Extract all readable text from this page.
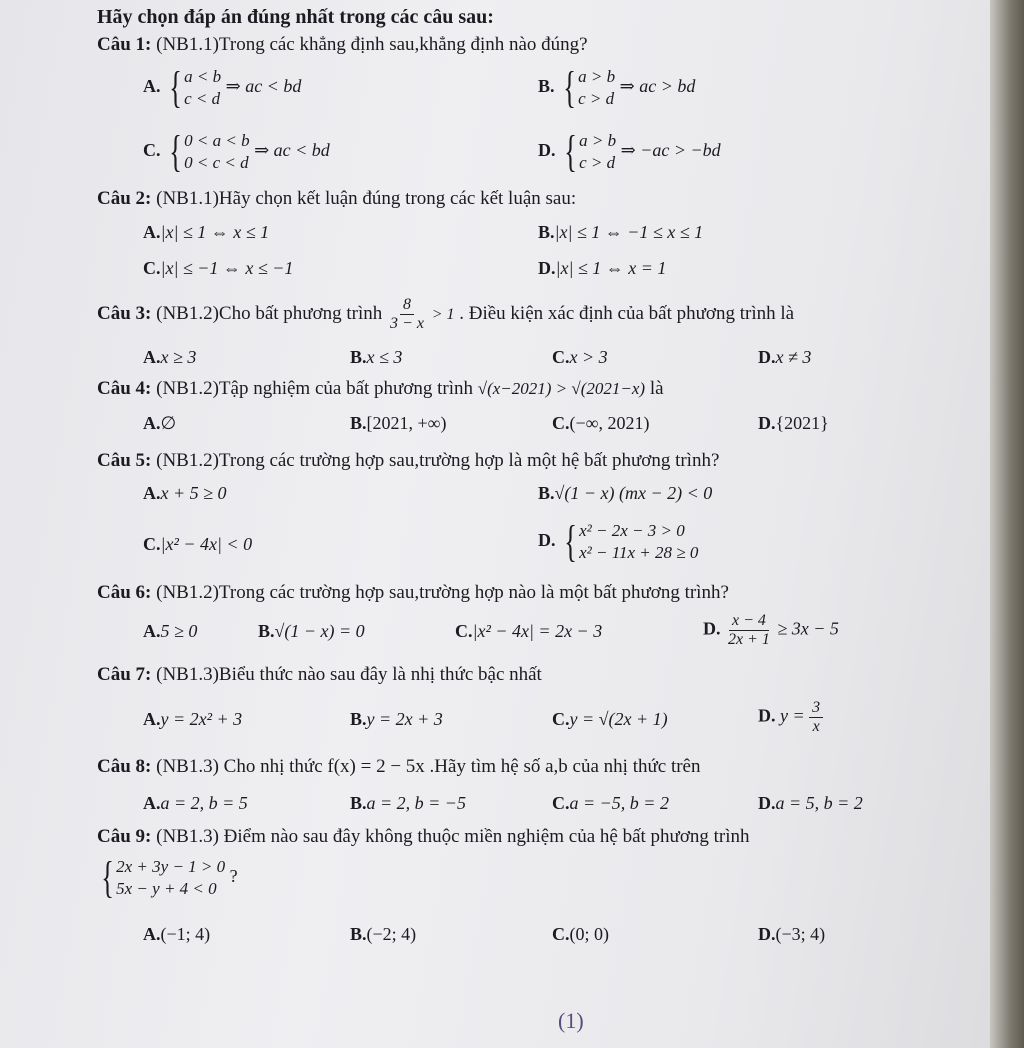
Hãy chọn đáp án đúng nhất trong các câu sau:
Câu 1: (NB1.1)Trong các khẳng định sau,khẳng định nào đúng?
A. { a < b
c < d
⇒ ac < bd	B. { a > b
c > d
⇒ ac > bd
C. { 0 < a < b
0 < c < d
⇒ ac < bd	D. { a > b
c > d
⇒ −ac > −bd
Câu 2: (NB1.1)Hãy chọn kết luận đúng trong các kết luận sau:
A.|x| ≤ 1 ⇔ x ≤ 1	B.|x| ≤ 1 ⇔ −1 ≤ x ≤ 1
C.|x| ≤ −1 ⇔ x ≤ −1	D.|x| ≤ 1 ⇔ x = 1
Câu 3: (NB1.2)Cho bất phương trình $\frac{8}{3 - x} > 1$ . Điều kiện xác định của bất phương trình là
A.x ≥ 3	B.x ≤ 3	C.x > 3	D.x ≠ 3
Câu 4: (NB1.2)Tập nghiệm của bất phương trình √(x−2021) > √(2021−x) là
A.∅	B.[2021, +∞)	C.(−∞, 2021)	D.{2021}
Câu 5: (NB1.2)Trong các trường hợp sau,trường hợp là một hệ bất phương trình?
A.x + 5 ≥ 0	B.√(1 − x) (mx − 2) < 0
C.|x² − 4x| < 0	D. { x² − 2x − 3 > 0
x² − 11x + 28 ≥ 0
Câu 6: (NB1.2)Trong các trường hợp sau,trường hợp nào là một bất phương trình?
A.5 ≥ 0	B.√(1 − x) = 0	C.|x² − 4x| = 2x − 3	D. $\frac{x - 4}{2x + 1} \ge 3x - 5$
Câu 7: (NB1.3)Biểu thức nào sau đây là nhị thức bậc nhất
A.y = 2x² + 3	B.y = 2x + 3	C.y = √(2x + 1)	D. $y = \frac{3}{x}$
Câu 8: (NB1.3) Cho nhị thức f(x) = 2 − 5x .Hãy tìm hệ số a,b của nhị thức trên
A.a = 2, b = 5	B.a = 2, b = −5	C.a = −5, b = 2	D.a = 5, b = 2
Câu 9: (NB1.3) Điểm nào sau đây không thuộc miền nghiệm của hệ bất phương trình
{ 2x + 3y − 1 > 0
5x − y + 4 < 0
?
A.(−1; 4)	B.(−2; 4)	C.(0; 0)	D.(−3; 4)
(1)
